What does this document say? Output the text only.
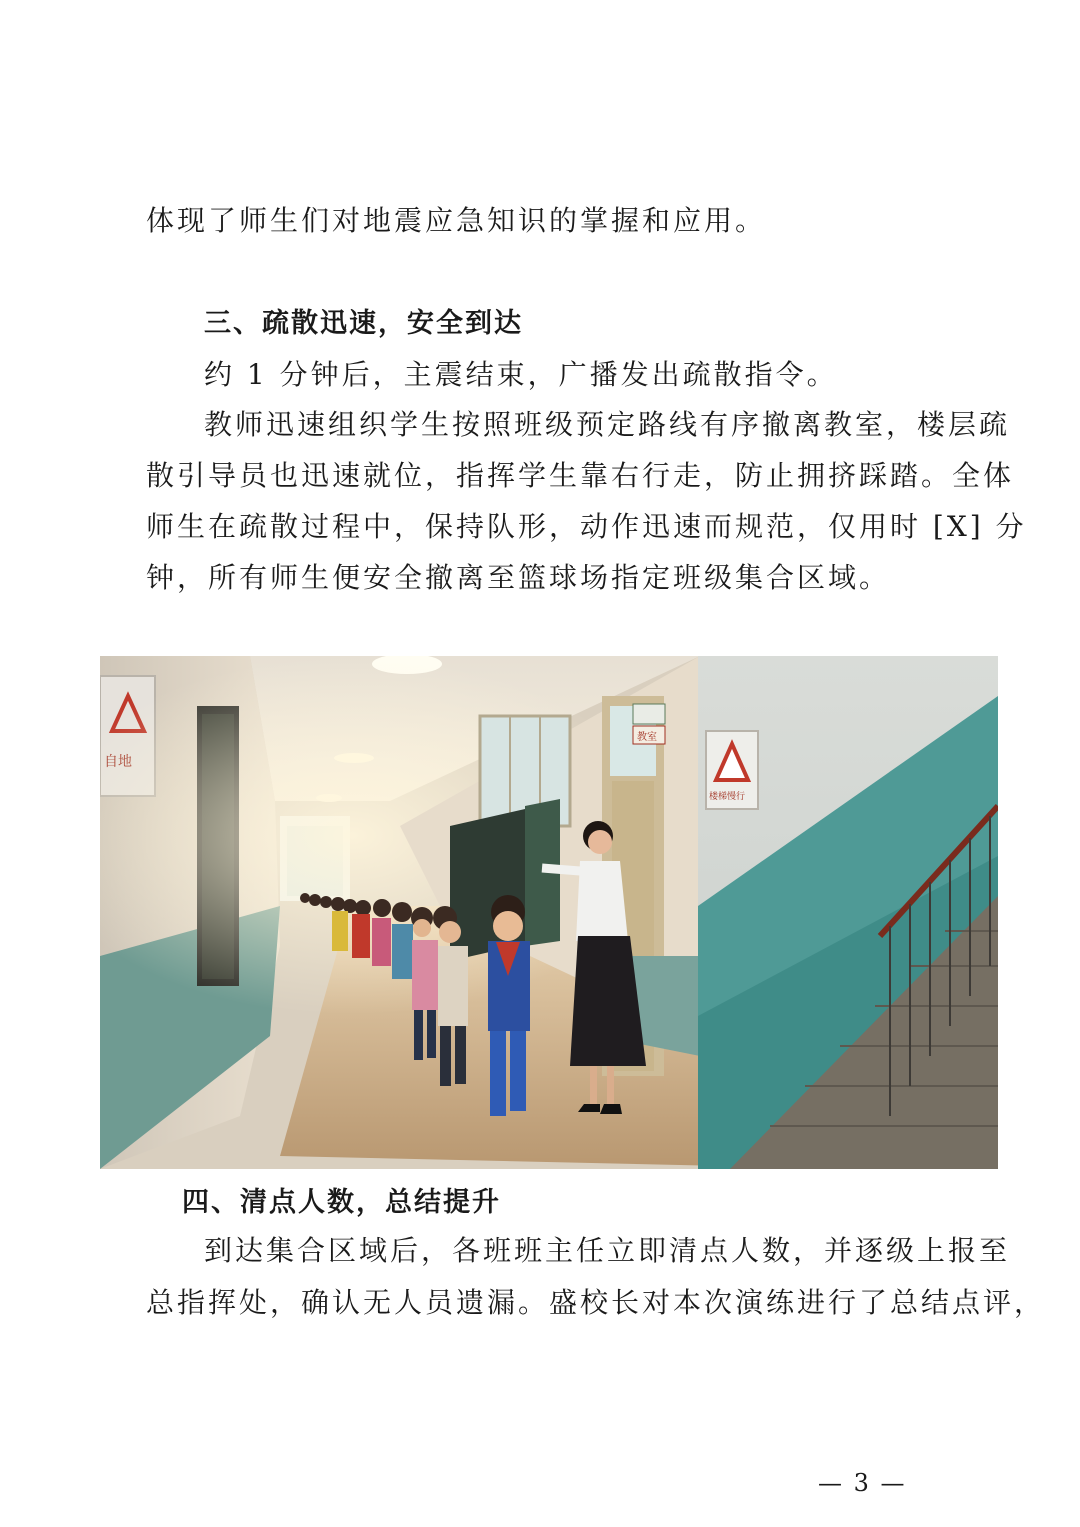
体现了师生们对地震应急知识的掌握和应用。
三、疏散迅速，安全到达
约 1 分钟后，主震结束，广播发出疏散指令。
教师迅速组织学生按照班级预定路线有序撤离教室，楼层疏
散引导员也迅速就位，指挥学生靠右行走，防止拥挤踩踏。全体
师生在疏散过程中，保持队形，动作迅速而规范，仅用时 [X] 分
钟，所有师生便安全撤离至篮球场指定班级集合区域。
教室
楼梯慢行
四、清点人数，总结提升
到达集合区域后，各班班主任立即清点人数，并逐级上报至
总指挥处，确认无人员遗漏。盛校长对本次演练进行了总结点评，
— 3 —
